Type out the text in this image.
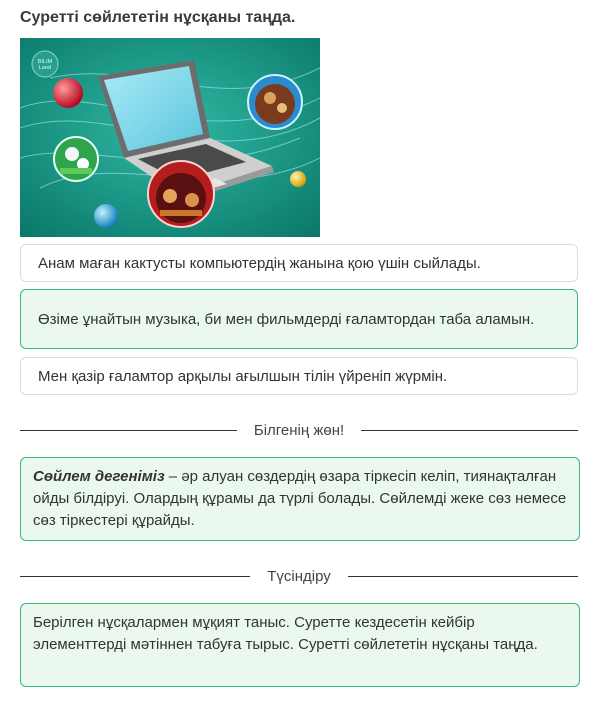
Суретті сөйлететін нұсқаны таңда.
BILIM
Land
Анам маған кактусты компьютердің жанына қою үшін сыйлады.
Өзіме ұнайтын музыка, би мен фильмдерді ғаламтордан таба аламын.
Мен қазір ғаламтор арқылы ағылшын тілін үйреніп жүрмін.
Білгенің жөн!
Сөйлем дегеніміз – әр алуан сөздердің өзара тіркесіп келіп, тиянақталған ойды білдіруі. Олардың құрамы да түрлі болады. Сөйлемді жеке сөз немесе сөз тіркестері құрайды.
Түсіндіру
Берілген нұсқалармен мұқият таныс. Суретте кездесетін кейбір элементтерді мәтіннен табуға тырыс. Суретті сөйлететін нұсқаны таңда.
